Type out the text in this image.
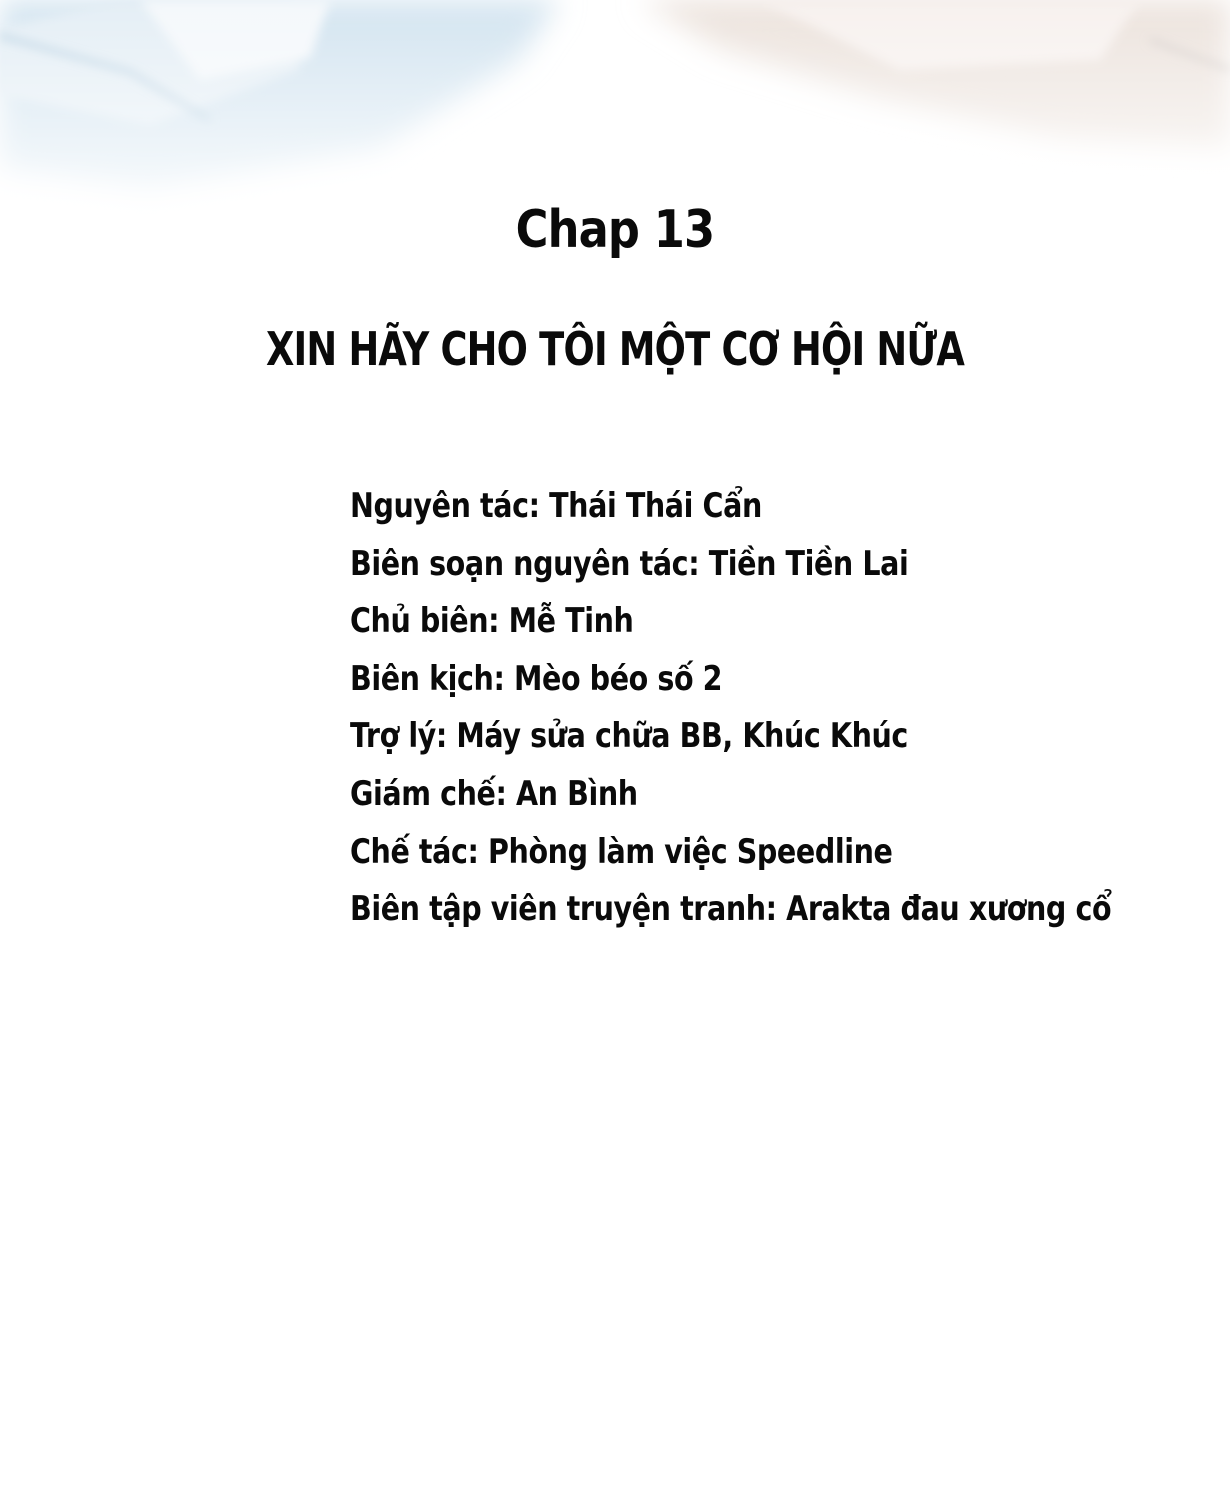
Chap 13
XIN HÃY CHO TÔI MỘT CƠ HỘI NỮA
Nguyên tác: Thái Thái Cẩn
Biên soạn nguyên tác: Tiền Tiền Lai
Chủ biên: Mễ Tinh
Biên kịch: Mèo béo số 2
Trợ lý: Máy sửa chữa BB, Khúc Khúc
Giám chế: An Bình
Chế tác: Phòng làm việc Speedline
Biên tập viên truyện tranh: Arakta đau xương cổ
